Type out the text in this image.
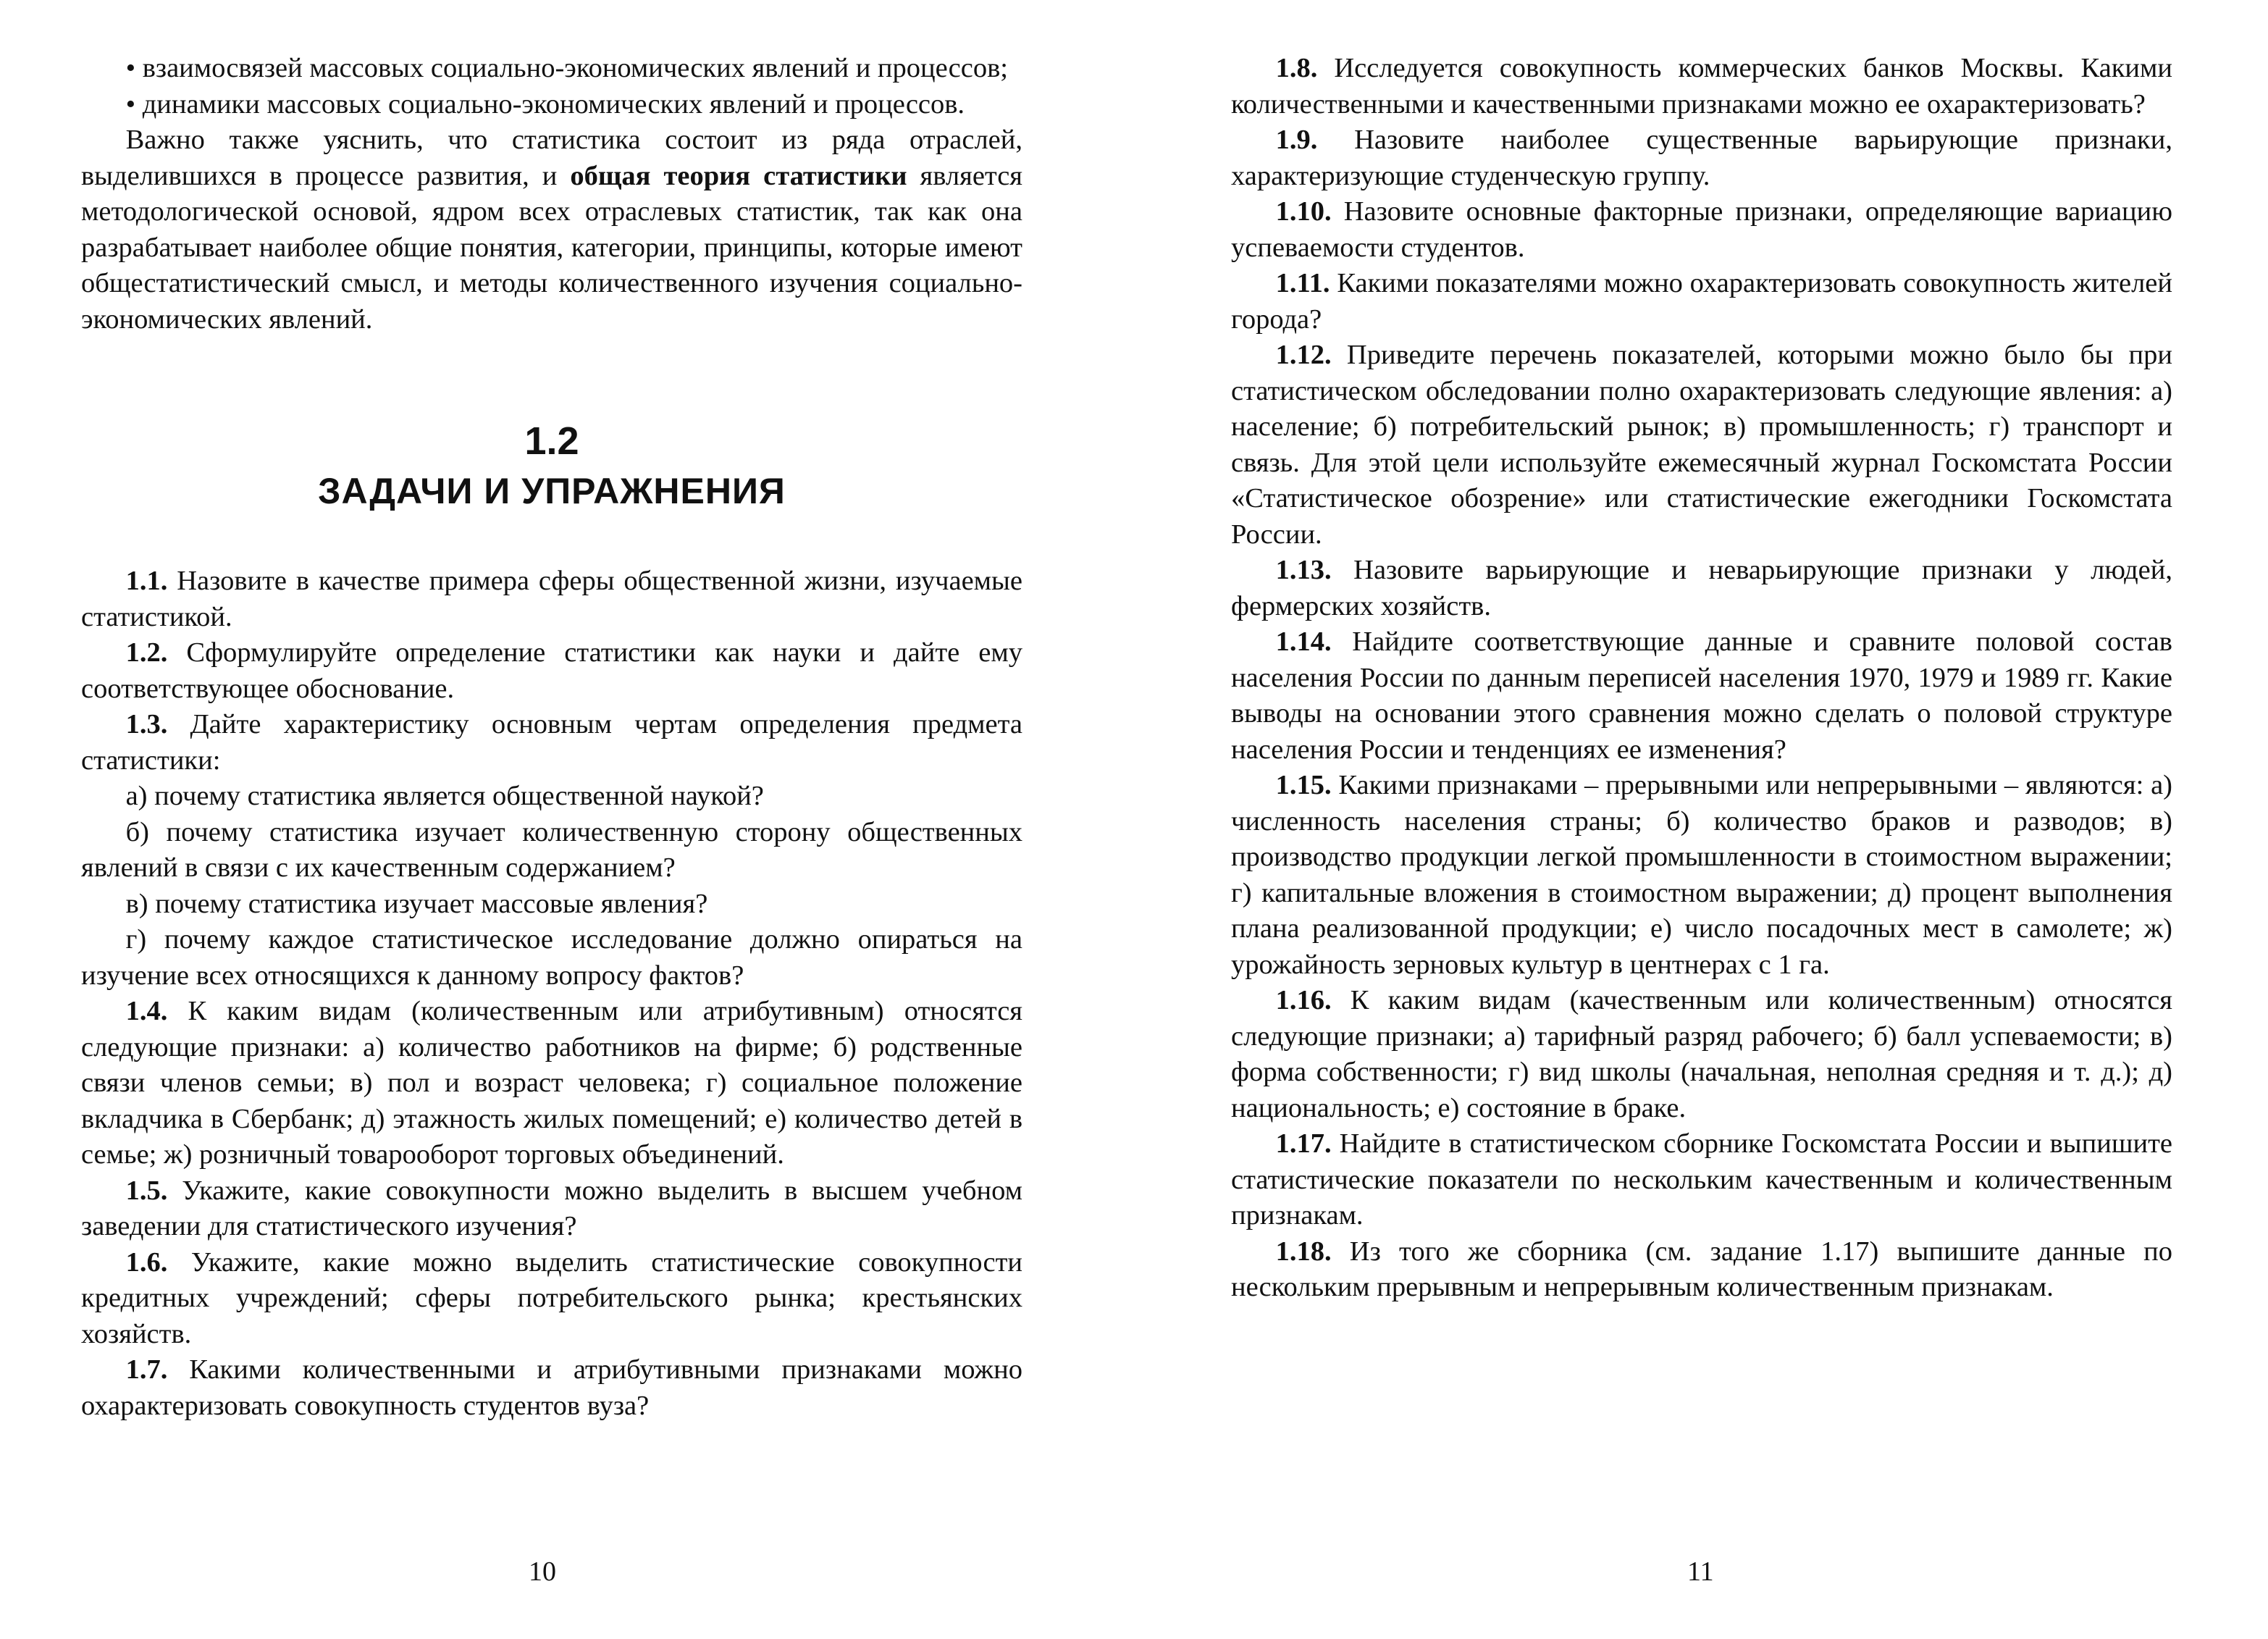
• взаимосвязей массовых социально-экономических явлений и процессов;

• динамики массовых социально-экономических явлений и процессов.

Важно также уяснить, что статистика состоит из ряда отраслей, выделившихся в процессе развития, и общая теория статистики является методологической основой, ядром всех отраслевых статистик, так как она разрабатывает наиболее общие понятия, категории, принципы, которые имеют общестатистический смысл, и методы количественного изучения социально-экономических явлений.

1.2
ЗАДАЧИ И УПРАЖНЕНИЯ

1.1. Назовите в качестве примера сферы общественной жизни, изучаемые статистикой.

1.2. Сформулируйте определение статистики как науки и дайте ему соответствующее обоснование.

1.3. Дайте характеристику основным чертам определения предмета статистики:

а) почему статистика является общественной наукой?

б) почему статистика изучает количественную сторону общественных явлений в связи с их качественным содержанием?

в) почему статистика изучает массовые явления?

г) почему каждое статистическое исследование должно опираться на изучение всех относящихся к данному вопросу фактов?

1.4. К каким видам (количественным или атрибутивным) относятся следующие признаки: а) количество работников на фирме; б) родственные связи членов семьи; в) пол и возраст человека; г) социальное положение вкладчика в Сбербанк; д) этажность жилых помещений; е) количество детей в семье; ж) розничный товарооборот торговых объединений.

1.5. Укажите, какие совокупности можно выделить в высшем учебном заведении для статистического изучения?

1.6. Укажите, какие можно выделить статистические совокупности кредитных учреждений; сферы потребительского рынка; крестьянских хозяйств.

1.7. Какими количественными и атрибутивными признаками можно охарактеризовать совокупность студентов вуза?

10

1.8. Исследуется совокупность коммерческих банков Москвы. Какими количественными и качественными признаками можно ее охарактеризовать?

1.9. Назовите наиболее существенные варьирующие признаки, характеризующие студенческую группу.

1.10. Назовите основные факторные признаки, определяющие вариацию успеваемости студентов.

1.11. Какими показателями можно охарактеризовать совокупность жителей города?

1.12. Приведите перечень показателей, которыми можно было бы при статистическом обследовании полно охарактеризовать следующие явления: а) население; б) потребительский рынок; в) промышленность; г) транспорт и связь. Для этой цели используйте ежемесячный журнал Госкомстата России «Статистическое обозрение» или статистические ежегодники Госкомстата России.

1.13. Назовите варьирующие и неварьирующие признаки у людей, фермерских хозяйств.

1.14. Найдите соответствующие данные и сравните половой состав населения России по данным переписей населения 1970, 1979 и 1989 гг. Какие выводы на основании этого сравнения можно сделать о половой структуре населения России и тенденциях ее изменения?

1.15. Какими признаками – прерывными или непрерывными – являются: а) численность населения страны; б) количество браков и разводов; в) производство продукции легкой промышленности в стоимостном выражении; г) капитальные вложения в стоимостном выражении; д) процент выполнения плана реализованной продукции; е) число посадочных мест в самолете; ж) урожайность зерновых культур в центнерах с 1 га.

1.16. К каким видам (качественным или количественным) относятся следующие признаки; а) тарифный разряд рабочего; б) балл успеваемости; в) форма собственности; г) вид школы (начальная, неполная средняя и т. д.); д) национальность; е) состояние в браке.

1.17. Найдите в статистическом сборнике Госкомстата России и выпишите статистические показатели по нескольким качественным и количественным признакам.

1.18. Из того же сборника (см. задание 1.17) выпишите данные по нескольким прерывным и непрерывным количественным признакам.

11
